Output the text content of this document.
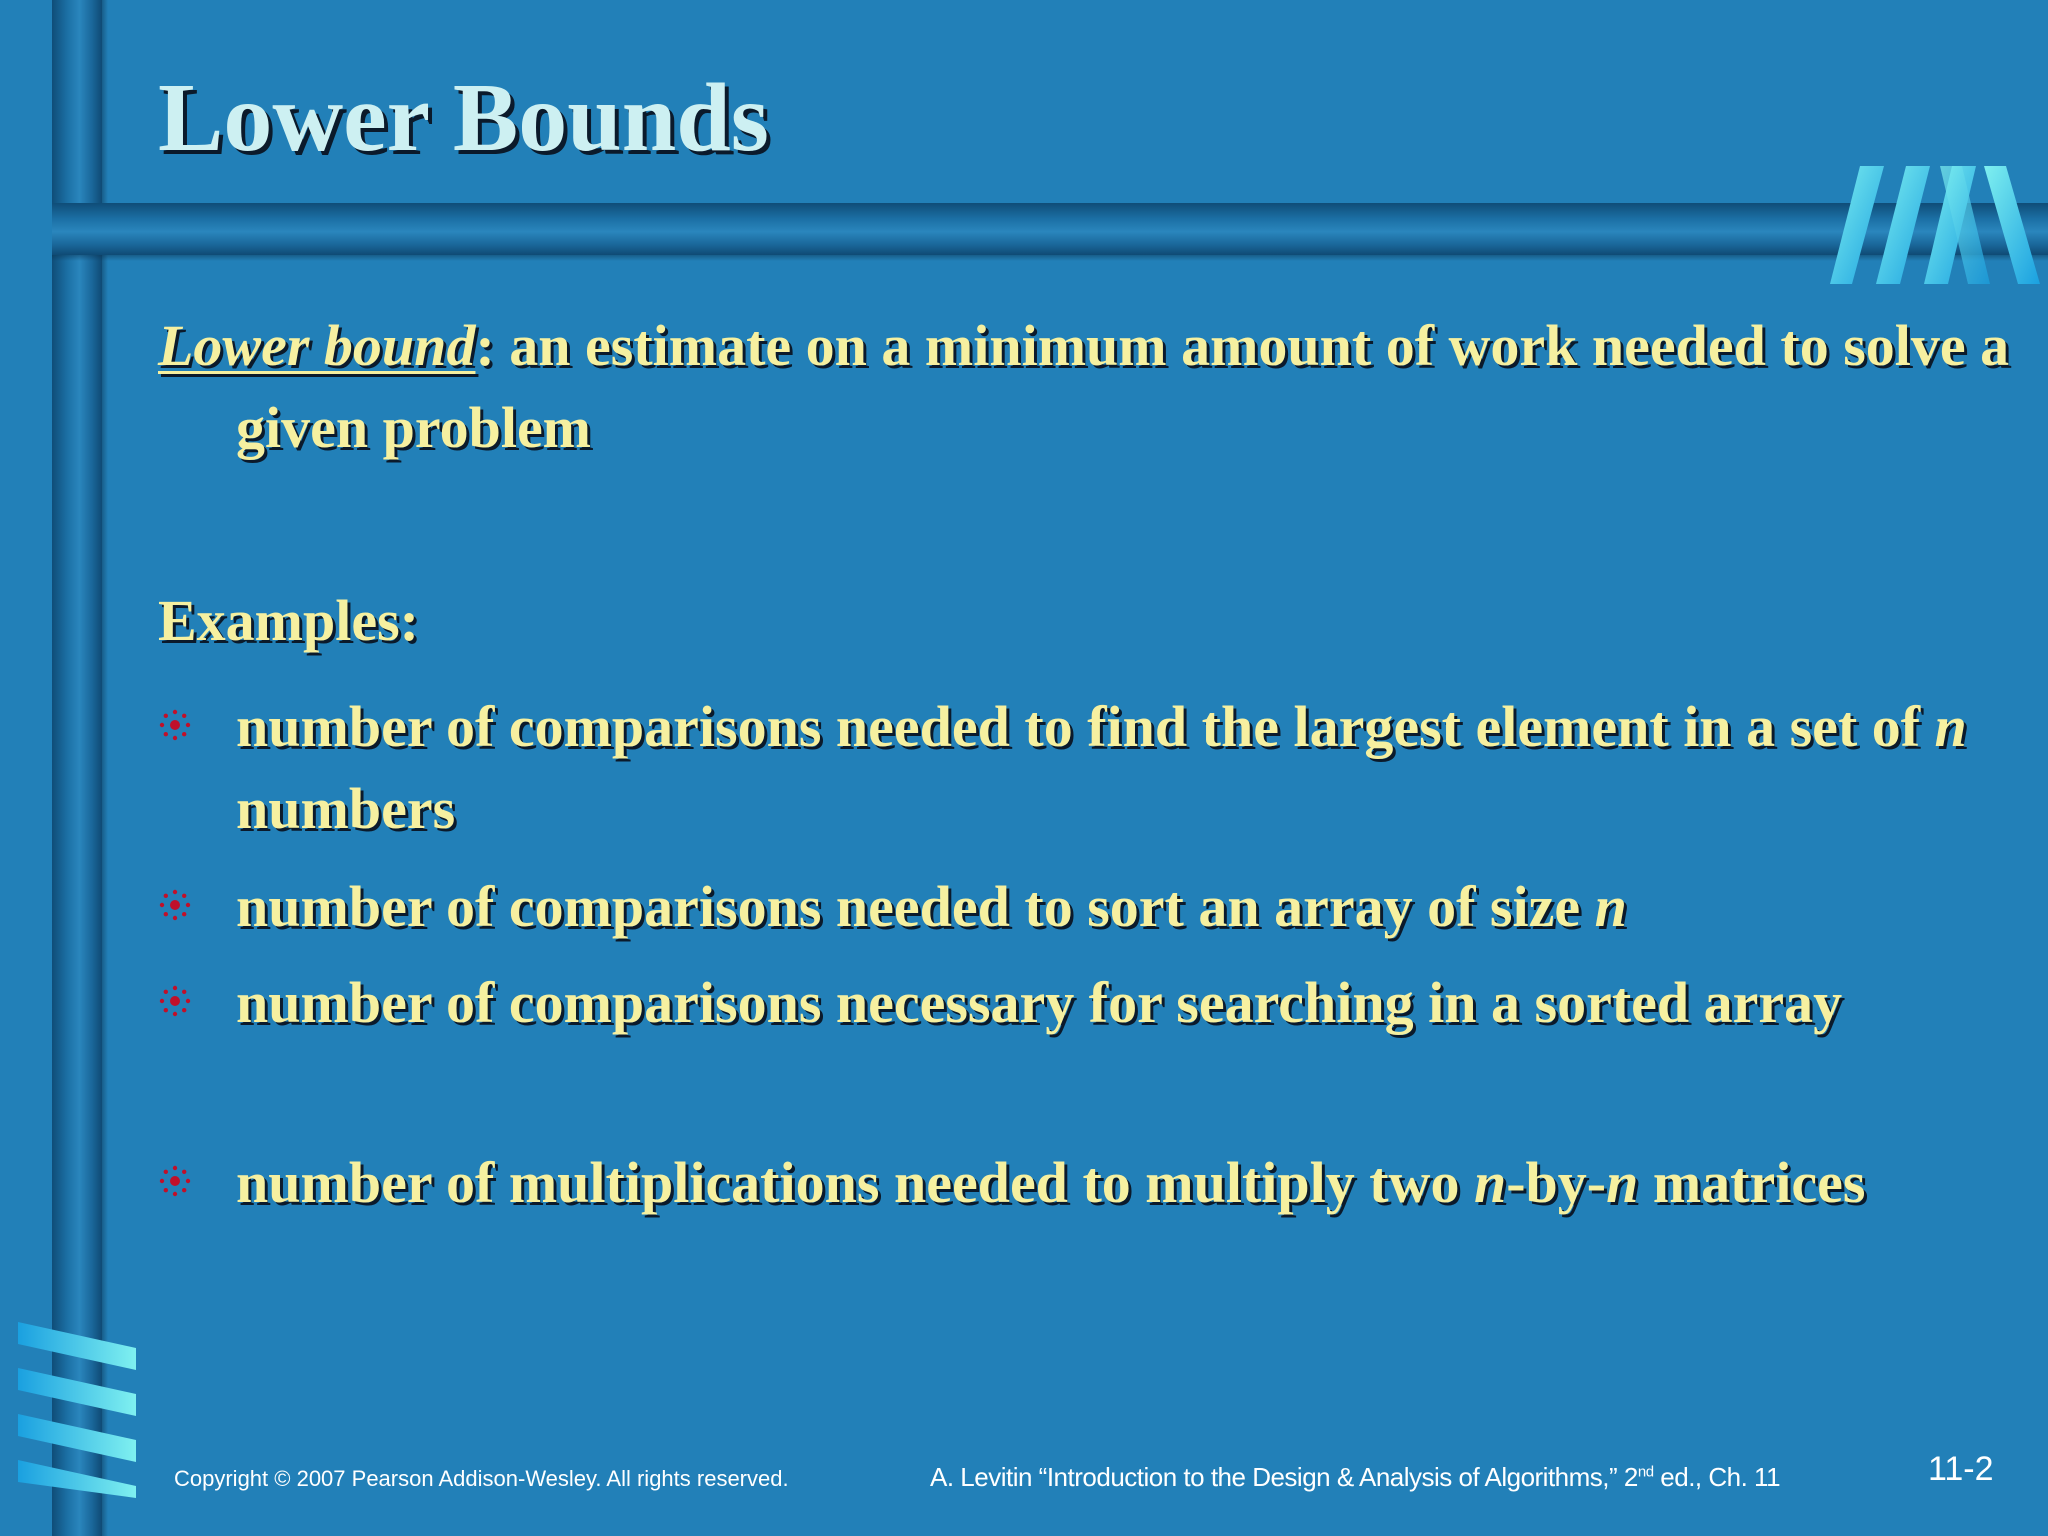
Lower Bounds
Lower bound: an estimate on a minimum amount of work needed to solve a given problem
Examples:
number of comparisons needed to find the largest element in a set of n numbers
number of comparisons needed to sort an array of size n
number of comparisons necessary for searching in a sorted array
number of multiplications needed to multiply two n-by-n matrices
Copyright © 2007 Pearson Addison-Wesley. All rights reserved.	A. Levitin “Introduction to the Design & Analysis of Algorithms,” 2nd ed., Ch. 11	11-2
